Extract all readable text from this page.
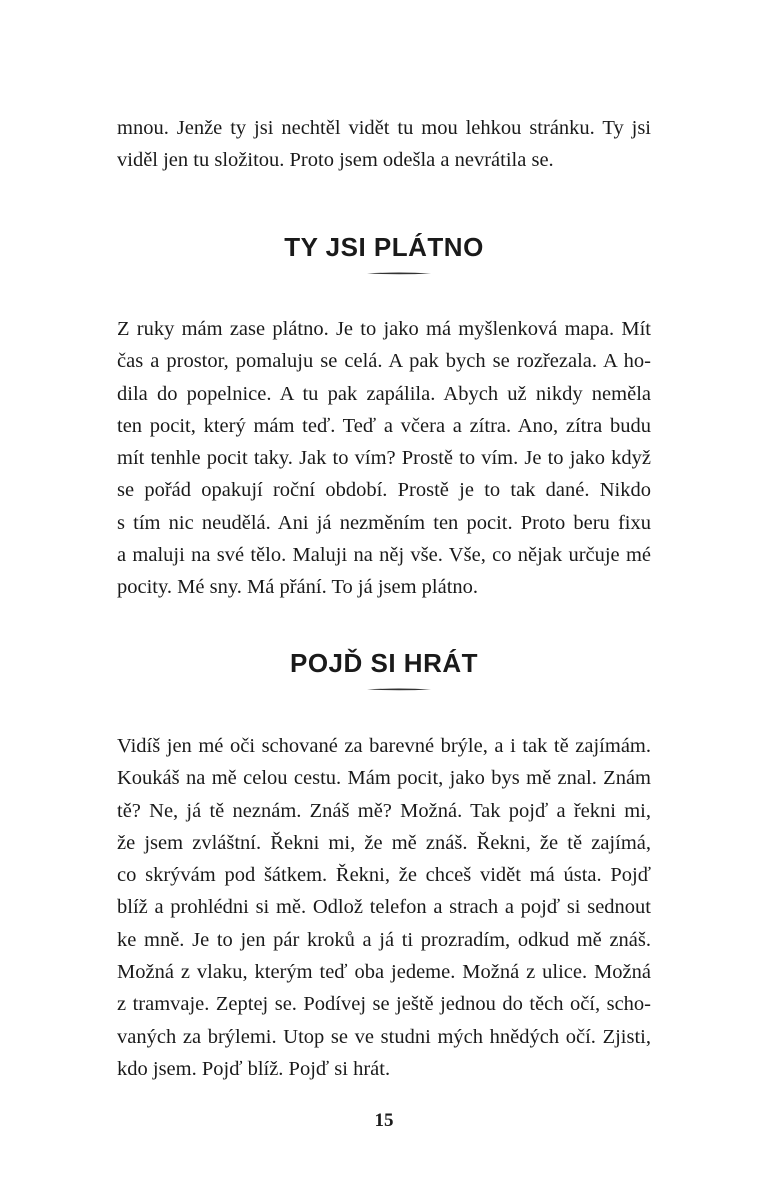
mnou. Jenže ty jsi nechtěl vidět tu mou lehkou stránku. Ty jsi
viděl jen tu složitou. Proto jsem odešla a nevrátila se.

TY JSI PLÁTNO

Z ruky mám zase plátno. Je to jako má myšlenková mapa. Mít
čas a prostor, pomaluju se celá. A pak bych se rozřezala. A ho-
dila do popelnice. A tu pak zapálila. Abych už nikdy neměla
ten pocit, který mám teď. Teď a včera a zítra. Ano, zítra budu
mít tenhle pocit taky. Jak to vím? Prostě to vím. Je to jako když
se pořád opakují roční období. Prostě je to tak dané. Nikdo
s tím nic neudělá. Ani já nezměním ten pocit. Proto beru fixu
a maluji na své tělo. Maluji na něj vše. Vše, co nějak určuje mé
pocity. Mé sny. Má přání. To já jsem plátno.

POJĎ SI HRÁT

Vidíš jen mé oči schované za barevné brýle, a i tak tě zajímám.
Koukáš na mě celou cestu. Mám pocit, jako bys mě znal. Znám
tě? Ne, já tě neznám. Znáš mě? Možná. Tak pojď a řekni mi,
že jsem zvláštní. Řekni mi, že mě znáš. Řekni, že tě zajímá,
co skrývám pod šátkem. Řekni, že chceš vidět má ústa. Pojď
blíž a prohlédni si mě. Odlož telefon a strach a pojď si sednout
ke mně. Je to jen pár kroků a já ti prozradím, odkud mě znáš.
Možná z vlaku, kterým teď oba jedeme. Možná z ulice. Možná
z tramvaje. Zeptej se. Podívej se ještě jednou do těch očí, scho-
vaných za brýlemi. Utop se ve studni mých hnědých očí. Zjisti,
kdo jsem. Pojď blíž. Pojď si hrát.

15
